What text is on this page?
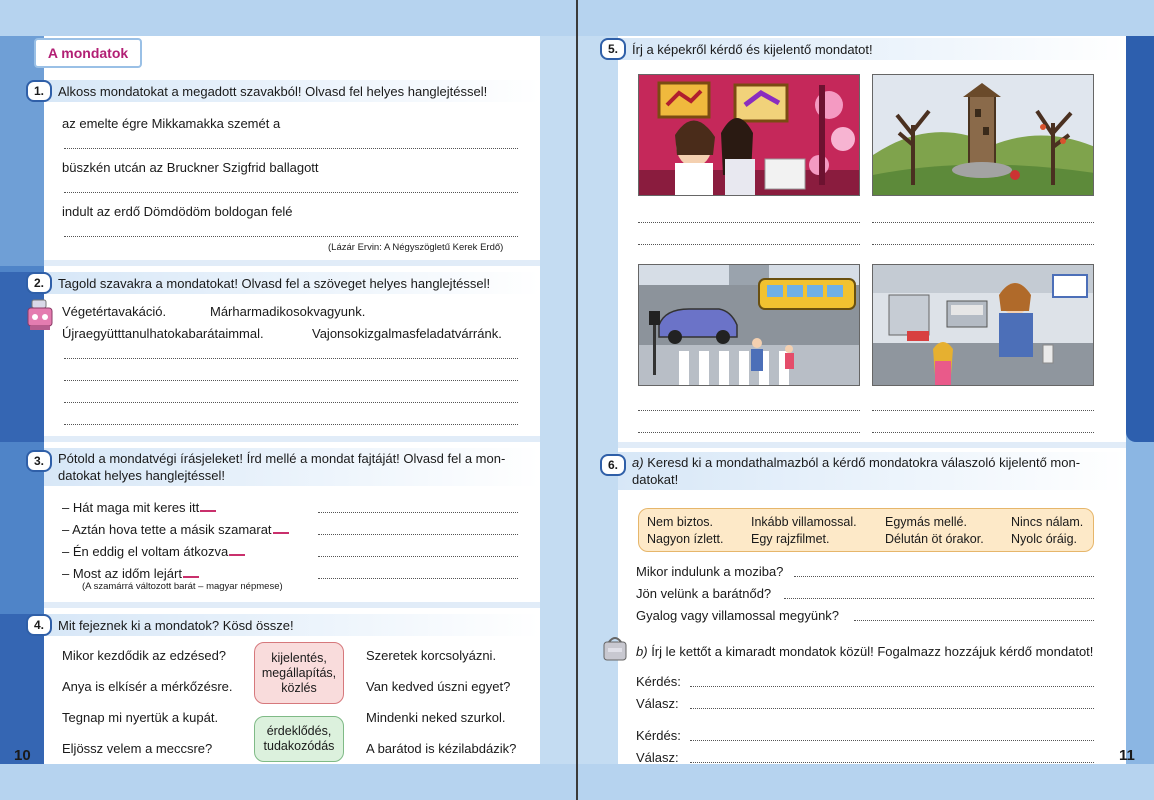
A mondatok
1.	Alkoss mondatokat a megadott szavakból! Olvasd fel helyes hanglejtéssel!
az emelte égre Mikkamakka szemét a
büszkén utcán az Bruckner Szigfrid ballagott
indult az erdő Dömdödöm boldogan felé
(Lázár Ervin: A Négyszögletű Kerek Erdő)
2.	Tagold szavakra a mondatokat! Olvasd fel a szöveget helyes hanglejtéssel!
Végetértavakáció.	Márharmadikosokvagyunk.
Újraegyütttanulhatokabarátaimmal.	Vajonsokizgalmasfeladatvárránk.
3.	Pótold a mondatvégi írásjeleket! Írd mellé a mondat fajtáját! Olvasd fel a mon-
datokat helyes hanglejtéssel!
– Hát maga mit keres itt
– Aztán hova tette a másik szamarat
– Én eddig el voltam átkozva
– Most az időm lejárt
(A szamárrá változott barát – magyar népmese)
4.	Mit fejeznek ki a mondatok? Kösd össze!
Mikor kezdődik az edzésed?
Anya is elkísér a mérkőzésre.
Tegnap mi nyertük a kupát.
Eljössz velem a meccsre?
kijelentés,
megállapítás,
közlés
érdeklődés,
tudakozódás
Szeretek korcsolyázni.
Van kedved úszni egyet?
Mindenki neked szurkol.
A barátod is kézilabdázik?
10
5.	Írj a képekről kérdő és kijelentő mondatot!
6.	a) Keresd ki a mondathalmazból a kérdő mondatokra válaszoló kijelentő mon-
datokat!
Nem biztos.	Inkább villamossal. Egymás mellé.	Nincs nálam.
Nagyon ízlett. Egy rajzfilmet.	Délután öt órakor. Nyolc óráig.
Mikor indulunk a moziba?
Jön velünk a barátnőd?
Gyalog vagy villamossal megyünk?
b) Írj le kettőt a kimaradt mondatok közül! Fogalmazz hozzájuk kérdő mondatot!
Kérdés:
Válasz:
Kérdés:
Válasz:	11
